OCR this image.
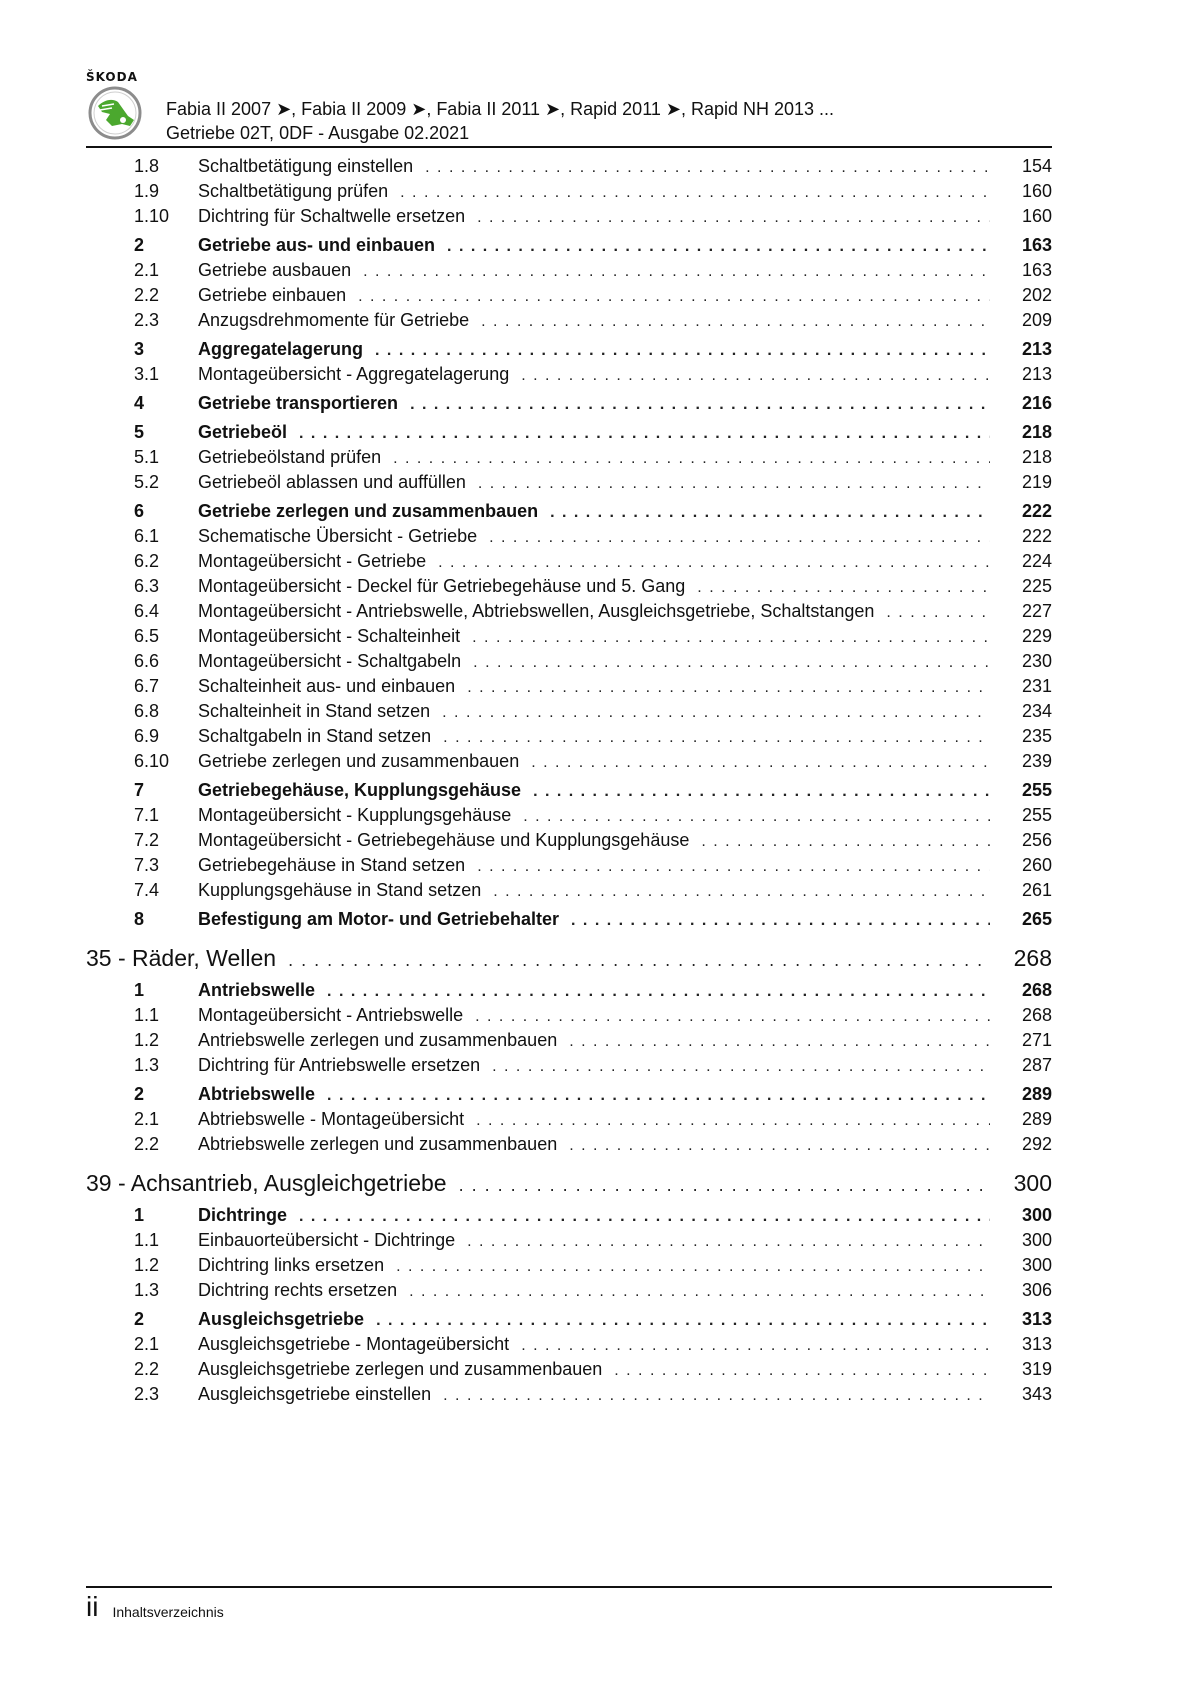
ŠKODA
Fabia II 2007 ➤, Fabia II 2009 ➤, Fabia II 2011 ➤, Rapid 2011 ➤, Rapid NH 2013 ...
Getriebe 02T, 0DF - Ausgabe 02.2021
1.8	Schaltbetätigung einstellen . . .	154
1.9	Schaltbetätigung prüfen . . .	160
1.10	Dichtring für Schaltwelle ersetzen . . .	160
2	Getriebe aus- und einbauen . . .	163
2.1	Getriebe ausbauen . . .	163
2.2	Getriebe einbauen . . .	202
2.3	Anzugsdrehmomente für Getriebe . . .	209
3	Aggregatelagerung . . .	213
3.1	Montageübersicht - Aggregatelagerung . . .	213
4	Getriebe transportieren . . .	216
5	Getriebeöl . . .	218
5.1	Getriebeölstand prüfen . . .	218
5.2	Getriebeöl ablassen und auffüllen . . .	219
6	Getriebe zerlegen und zusammenbauen . . .	222
6.1	Schematische Übersicht - Getriebe . . .	222
6.2	Montageübersicht - Getriebe . . .	224
6.3	Montageübersicht - Deckel für Getriebegehäuse und 5. Gang . . .	225
6.4	Montageübersicht - Antriebswelle, Abtriebswellen, Ausgleichsgetriebe, Schaltstangen . . .	227
6.5	Montageübersicht - Schalteinheit . . .	229
6.6	Montageübersicht - Schaltgabeln . . .	230
6.7	Schalteinheit aus- und einbauen . . .	231
6.8	Schalteinheit in Stand setzen . . .	234
6.9	Schaltgabeln in Stand setzen . . .	235
6.10	Getriebe zerlegen und zusammenbauen . . .	239
7	Getriebegehäuse, Kupplungsgehäuse . . .	255
7.1	Montageübersicht - Kupplungsgehäuse . . .	255
7.2	Montageübersicht - Getriebegehäuse und Kupplungsgehäuse . . .	256
7.3	Getriebegehäuse in Stand setzen . . .	260
7.4	Kupplungsgehäuse in Stand setzen . . .	261
8	Befestigung am Motor- und Getriebehalter . . .	265
35 - Räder, Wellen . . .	268
1	Antriebswelle . . .	268
1.1	Montageübersicht - Antriebswelle . . .	268
1.2	Antriebswelle zerlegen und zusammenbauen . . .	271
1.3	Dichtring für Antriebswelle ersetzen . . .	287
2	Abtriebswelle . . .	289
2.1	Abtriebswelle - Montageübersicht . . .	289
2.2	Abtriebswelle zerlegen und zusammenbauen . . .	292
39 - Achsantrieb, Ausgleichgetriebe . . .	300
1	Dichtringe . . .	300
1.1	Einbauorteübersicht - Dichtringe . . .	300
1.2	Dichtring links ersetzen . . .	300
1.3	Dichtring rechts ersetzen . . .	306
2	Ausgleichsgetriebe . . .	313
2.1	Ausgleichsgetriebe - Montageübersicht . . .	313
2.2	Ausgleichsgetriebe zerlegen und zusammenbauen . . .	319
2.3	Ausgleichsgetriebe einstellen . . .	343
ii Inhaltsverzeichnis
